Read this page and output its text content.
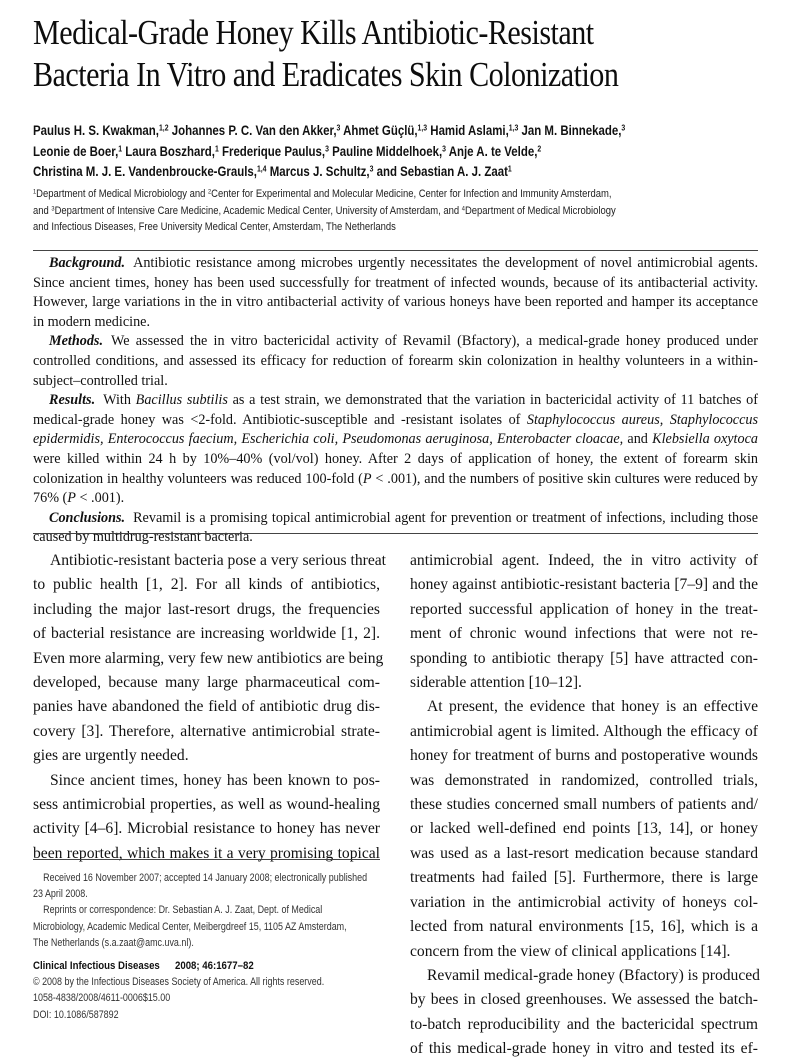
Medical-Grade Honey Kills Antibiotic-Resistant
Bacteria In Vitro and Eradicates Skin Colonization
Paulus H. S. Kwakman,$^{1,2}$ Johannes P. C. Van den Akker,$^3$ Ahmet Güçlü,$^{1,3}$ Hamid Aslami,$^{1,3}$ Jan M. Binnekade,$^3$
Leonie de Boer,$^1$ Laura Boszhard,$^1$ Frederique Paulus,$^3$ Pauline Middelhoek,$^3$ Anje A. te Velde,$^2$
Christina M. J. E. Vandenbroucke-Grauls,$^{1,4}$ Marcus J. Schultz,$^3$ and Sebastian A. J. Zaat$^1$
$^1$Department of Medical Microbiology and $^2$Center for Experimental and Molecular Medicine, Center for Infection and Immunity Amsterdam,
and $^3$Department of Intensive Care Medicine, Academic Medical Center, University of Amsterdam, and $^4$Department of Medical Microbiology
and Infectious Diseases, Free University Medical Center, Amsterdam, The Netherlands

Background. Antibiotic resistance among microbes urgently necessitates the development of novel antimicrobial agents. Since ancient times, honey has been used successfully for treatment of infected wounds, because of its antibacterial activity. However, large variations in the in vitro antibacterial activity of various honeys have been reported and hamper its acceptance in modern medicine.

Methods. We assessed the in vitro bactericidal activity of Revamil (Bfactory), a medical-grade honey produced under controlled conditions, and assessed its efficacy for reduction of forearm skin colonization in healthy volunteers in a within-subject–controlled trial.

Results. With Bacillus subtilis as a test strain, we demonstrated that the variation in bactericidal activity of 11 batches of medical-grade honey was <2-fold. Antibiotic-susceptible and -resistant isolates of Staphylococcus aureus, Staphylococcus epidermidis, Enterococcus faecium, Escherichia coli, Pseudomonas aeruginosa, Enterobacter cloacae, and Klebsiella oxytoca were killed within 24 h by 10%–40% (vol/vol) honey. After 2 days of application of honey, the extent of forearm skin colonization in healthy volunteers was reduced 100-fold (P < .001), and the numbers of positive skin cultures were reduced by 76% (P < .001).

Conclusions. Revamil is a promising topical antimicrobial agent for prevention or treatment of infections, including those caused by multidrug-resistant bacteria.

Antibiotic-resistant bacteria pose a very serious threat
to public health [1, 2]. For all kinds of antibiotics,
including the major last-resort drugs, the frequencies
of bacterial resistance are increasing worldwide [1, 2].
Even more alarming, very few new antibiotics are being
developed, because many large pharmaceutical com-
panies have abandoned the field of antibiotic drug dis-
covery [3]. Therefore, alternative antimicrobial strate-
gies are urgently needed.
Since ancient times, honey has been known to pos-
sess antimicrobial properties, as well as wound-healing
activity [4–6]. Microbial resistance to honey has never
been reported, which makes it a very promising topical
Received 16 November 2007; accepted 14 January 2008; electronically published
23 April 2008.
Reprints or correspondence: Dr. Sebastian A. J. Zaat, Dept. of Medical
Microbiology, Academic Medical Center, Meibergdreef 15, 1105 AZ Amsterdam,
The Netherlands (s.a.zaat@amc.uva.nl).
Clinical Infectious Diseases 2008; 46:1677–82
© 2008 by the Infectious Diseases Society of America. All rights reserved.
1058-4838/2008/4611-0006$15.00
DOI: 10.1086/587892
antimicrobial agent. Indeed, the in vitro activity of
honey against antibiotic-resistant bacteria [7–9] and the
reported successful application of honey in the treat-
ment of chronic wound infections that were not re-
sponding to antibiotic therapy [5] have attracted con-
siderable attention [10–12].
At present, the evidence that honey is an effective
antimicrobial agent is limited. Although the efficacy of
honey for treatment of burns and postoperative wounds
was demonstrated in randomized, controlled trials,
these studies concerned small numbers of patients and/
or lacked well-defined end points [13, 14], or honey
was used as a last-resort medication because standard
treatments had failed [5]. Furthermore, there is large
variation in the antimicrobial activity of honeys col-
lected from natural environments [15, 16], which is a
concern from the view of clinical applications [14].
Revamil medical-grade honey (Bfactory) is produced
by bees in closed greenhouses. We assessed the batch-
to-batch reproducibility and the bactericidal spectrum
of this medical-grade honey in vitro and tested its ef-
